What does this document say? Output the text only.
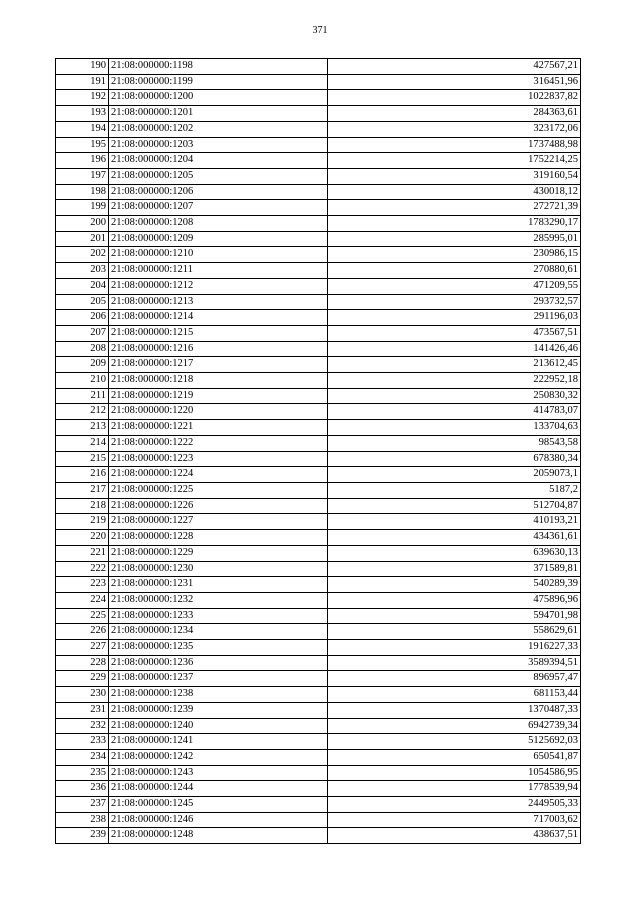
371
190	21:08:000000:1198	427567,21
191	21:08:000000:1199	316451,96
192	21:08:000000:1200	1022837,82
193	21:08:000000:1201	284363,61
194	21:08:000000:1202	323172,06
195	21:08:000000:1203	1737488,98
196	21:08:000000:1204	1752214,25
197	21:08:000000:1205	319160,54
198	21:08:000000:1206	430018,12
199	21:08:000000:1207	272721,39
200	21:08:000000:1208	1783290,17
201	21:08:000000:1209	285995,01
202	21:08:000000:1210	230986,15
203	21:08:000000:1211	270880,61
204	21:08:000000:1212	471209,55
205	21:08:000000:1213	293732,57
206	21:08:000000:1214	291196,03
207	21:08:000000:1215	473567,51
208	21:08:000000:1216	141426,46
209	21:08:000000:1217	213612,45
210	21:08:000000:1218	222952,18
211	21:08:000000:1219	250830,32
212	21:08:000000:1220	414783,07
213	21:08:000000:1221	133704,63
214	21:08:000000:1222	98543,58
215	21:08:000000:1223	678380,34
216	21:08:000000:1224	2059073,1
217	21:08:000000:1225	5187,2
218	21:08:000000:1226	512704,87
219	21:08:000000:1227	410193,21
220	21:08:000000:1228	434361,61
221	21:08:000000:1229	639630,13
222	21:08:000000:1230	371589,81
223	21:08:000000:1231	540289,39
224	21:08:000000:1232	475896,96
225	21:08:000000:1233	594701,98
226	21:08:000000:1234	558629,61
227	21:08:000000:1235	1916227,33
228	21:08:000000:1236	3589394,51
229	21:08:000000:1237	896957,47
230	21:08:000000:1238	681153,44
231	21:08:000000:1239	1370487,33
232	21:08:000000:1240	6942739,34
233	21:08:000000:1241	5125692,03
234	21:08:000000:1242	650541,87
235	21:08:000000:1243	1054586,95
236	21:08:000000:1244	1778539,94
237	21:08:000000:1245	2449505,33
238	21:08:000000:1246	717003,62
239	21:08:000000:1248	438637,51
